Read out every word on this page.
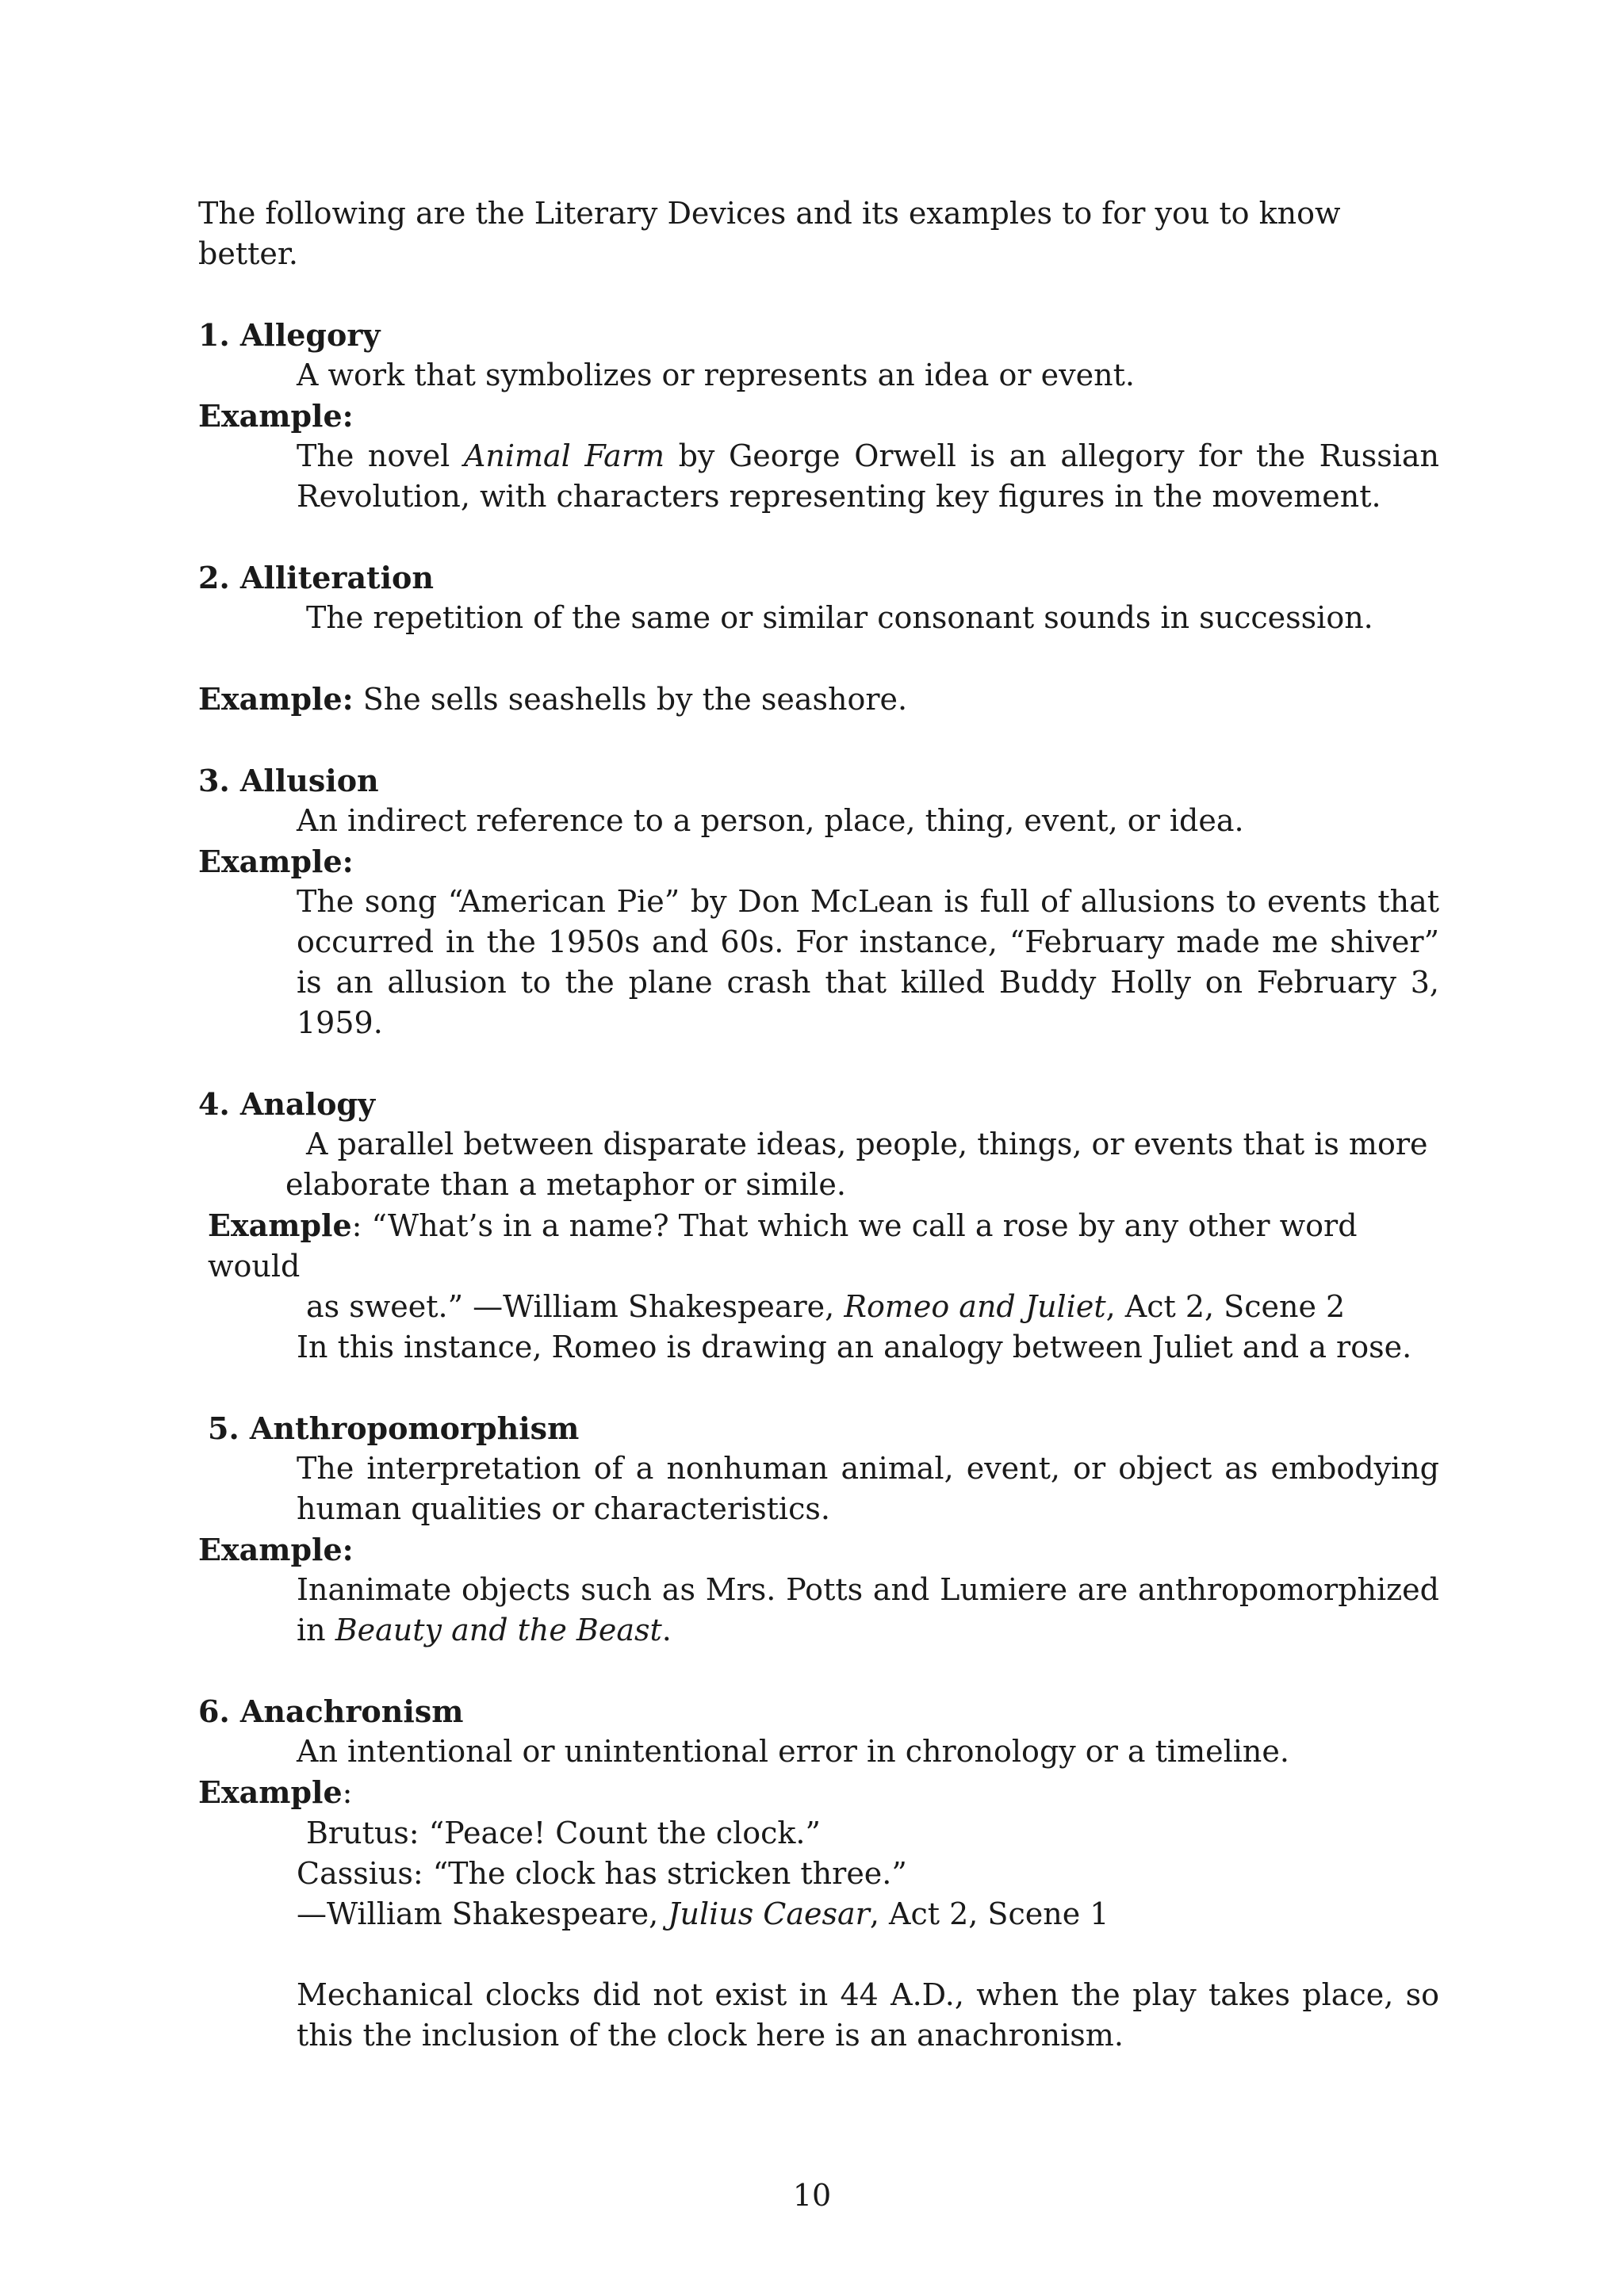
The following are the Literary Devices and its examples to for you to know better.

1. Allegory

A work that symbolizes or represents an idea or event.

Example:

The novel Animal Farm by George Orwell is an allegory for the Russian Revolution, with characters representing key figures in the movement.

2. Alliteration

The repetition of the same or similar consonant sounds in succession.

Example: She sells seashells by the seashore.

3. Allusion

An indirect reference to a person, place, thing, event, or idea.

Example:

The song “American Pie” by Don McLean is full of allusions to events that occurred in the 1950s and 60s. For instance, “February made me shiver” is an allusion to the plane crash that killed Buddy Holly on February 3, 1959.

4. Analogy

A parallel between disparate ideas, people, things, or events that is more

elaborate than a metaphor or simile.

Example: “What’s in a name? That which we call a rose by any other word would

as sweet.” —William Shakespeare, Romeo and Juliet, Act 2, Scene 2

In this instance, Romeo is drawing an analogy between Juliet and a rose.

5. Anthropomorphism

The interpretation of a nonhuman animal, event, or object as embodying human qualities or characteristics.

Example:

Inanimate objects such as Mrs. Potts and Lumiere are anthropomorphized in Beauty and the Beast.

6. Anachronism

An intentional or unintentional error in chronology or a timeline.

Example:

Brutus: “Peace! Count the clock.”

Cassius: “The clock has stricken three.”

—William Shakespeare, Julius Caesar, Act 2, Scene 1

Mechanical clocks did not exist in 44 A.D., when the play takes place, so this the inclusion of the clock here is an anachronism.

10
